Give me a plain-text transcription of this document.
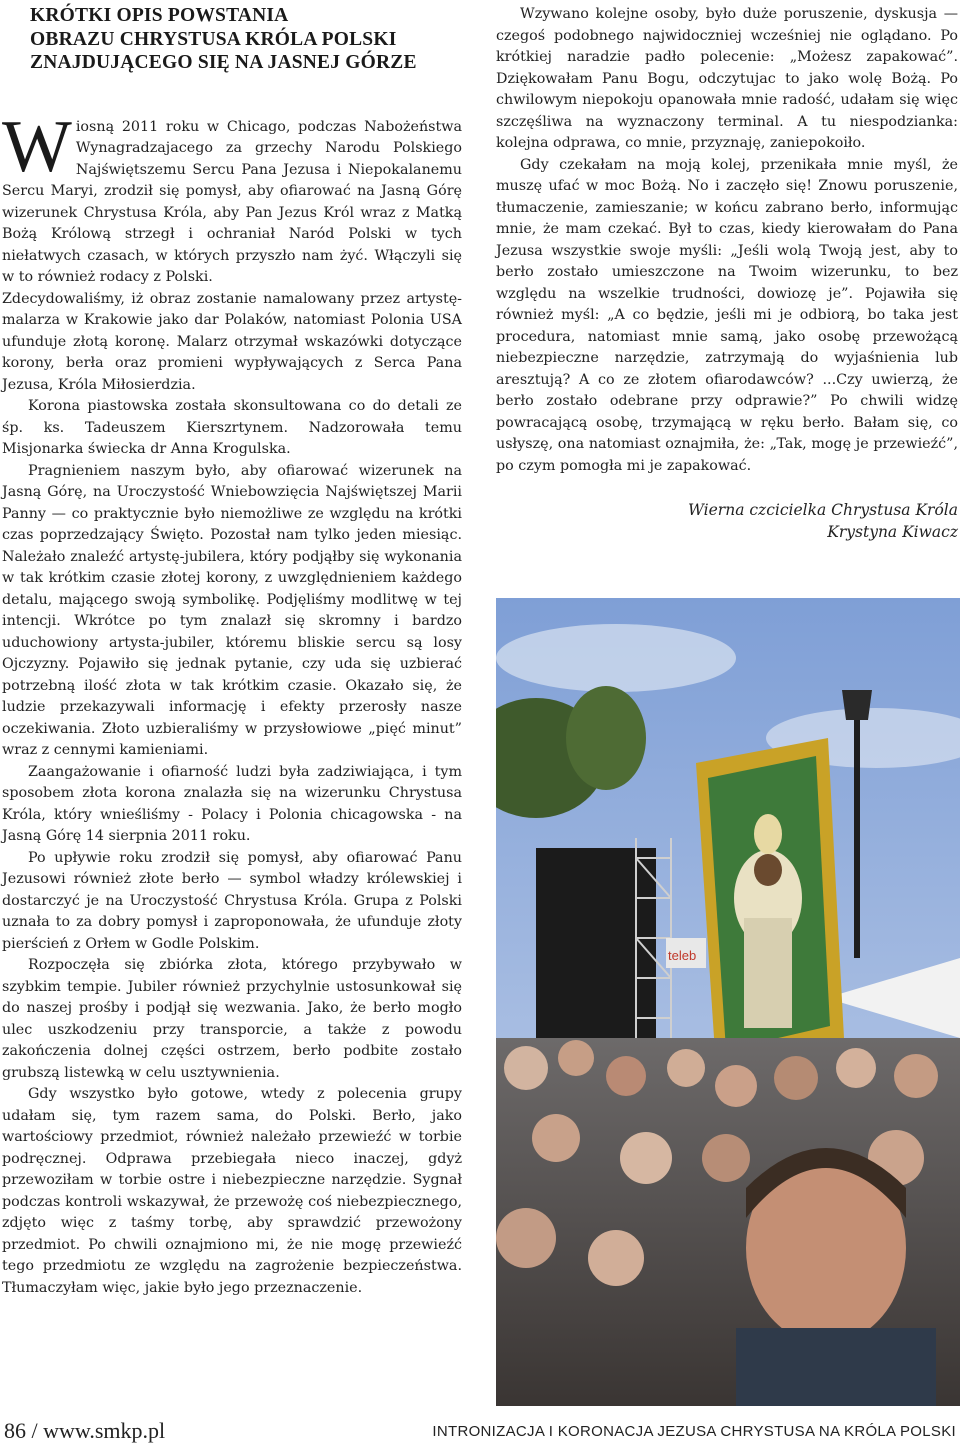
KRÓTKI OPIS POWSTANIA
OBRAZU CHRYSTUSA KRÓLA POLSKI
ZNAJDUJĄCEGO SIĘ NA JASNEJ GÓRZE

Wiosną 2011 roku w Chicago, podczas Nabożeństwa Wynagradzajacego za grzechy Narodu Polskiego Najświętszemu Sercu Pana Jezusa i Niepokalanemu Sercu Maryi, zrodził się pomysł, aby ofiarować na Jasną Górę wizerunek Chrystusa Króla, aby Pan Jezus Król wraz z Matką Bożą Królową strzegł i ochraniał Naród Polski w tych niełatwych czasach, w których przyszło nam żyć. Włączyli się w to również rodacy z Polski.

Zdecydowaliśmy, iż obraz zostanie namalowany przez artystę-malarza w Krakowie jako dar Polaków, natomiast Polonia USA ufunduje złotą koronę. Malarz otrzymał wskazówki dotyczące korony, berła oraz promieni wypływających z Serca Pana Jezusa, Króla Miłosierdzia.

Korona piastowska została skonsultowana co do detali ze śp. ks. Tadeuszem Kierszrtynem. Nadzorowała temu Misjonarka świecka dr Anna Krogulska.

Pragnieniem naszym było, aby ofiarować wizerunek na Jasną Górę, na Uroczystość Wniebowzięcia Najświętszej Marii Panny — co praktycznie było niemożliwe ze względu na krótki czas poprzedzający Święto. Pozostał nam tylko jeden miesiąc. Należało znaleźć artystę-jubilera, który podjąłby się wykonania w tak krótkim czasie złotej korony, z uwzględnieniem każdego detalu, mającego swoją symbolikę. Podjęliśmy modlitwę w tej intencji. Wkrótce po tym znalazł się skromny i bardzo uduchowiony artysta-jubiler, któremu bliskie sercu są losy Ojczyzny. Pojawiło się jednak pytanie, czy uda się uzbierać potrzebną ilość złota w tak krótkim czasie. Okazało się, że ludzie przekazywali informację i efekty przerosły nasze oczekiwania. Złoto uzbieraliśmy w przysłowiowe „pięć minut” wraz z cennymi kamieniami.

Zaangażowanie i ofiarność ludzi była zadziwiająca, i tym sposobem złota korona znalazła się na wizerunku Chrystusa Króla, który wnieśliśmy - Polacy i Polonia chicagowska - na Jasną Górę 14 sierpnia 2011 roku.

Po upływie roku zrodził się pomysł, aby ofiarować Panu Jezusowi również złote berło — symbol władzy królewskiej i dostarczyć je na Uroczystość Chrystusa Króla. Grupa z Polski uznała to za dobry pomysł i zaproponowała, że ufunduje złoty pierścień z Orłem w Godle Polskim.

Rozpoczęła się zbiórka złota, którego przybywało w szybkim tempie. Jubiler również przychylnie ustosunkował się do naszej prośby i podjął się wezwania. Jako, że berło mogło ulec uszkodzeniu przy transporcie, a także z powodu zakończenia dolnej części ostrzem, berło podbite zostało grubszą listewką w celu usztywnienia.

Gdy wszystko było gotowe, wtedy z polecenia grupy udałam się, tym razem sama, do Polski. Berło, jako wartościowy przedmiot, również należało przewieźć w torbie podręcznej. Odprawa przebiegała nieco inaczej, gdyż przewoziłam w torbie ostre i niebezpieczne narzędzie. Sygnał podczas kontroli wskazywał, że przewożę coś niebezpiecznego, zdjęto więc z taśmy torbę, aby sprawdzić przewożony przedmiot. Po chwili oznajmiono mi, że nie mogę przewieźć tego przedmiotu ze względu na zagrożenie bezpieczeństwa. Tłumaczyłam więc, jakie było jego przeznaczenie.

Wzywano kolejne osoby, było duże poruszenie, dyskusja — czegoś podobnego najwidoczniej wcześniej nie oglądano. Po krótkiej naradzie padło polecenie: „Możesz zapakować”. Dziękowałam Panu Bogu, odczytujac to jako wolę Bożą. Po chwilowym niepokoju opanowała mnie radość, udałam się więc szczęśliwa na wyznaczony terminal. A tu niespodzianka: kolejna odprawa, co mnie, przyznaję, zaniepokoiło.

Gdy czekałam na moją kolej, przenikała mnie myśl, że muszę ufać w moc Bożą. No i zaczęło się! Znowu poruszenie, tłumaczenie, zamieszanie; w końcu zabrano berło, informując mnie, że mam czekać. Był to czas, kiedy kierowałam do Pana Jezusa wszystkie swoje myśli: „Jeśli wolą Twoją jest, aby to berło zostało umieszczone na Twoim wizerunku, to bez względu na wszelkie trudności, dowiozę je”. Pojawiła się również myśl: „A co będzie, jeśli mi je odbiorą, bo taka jest procedura, natomiast mnie samą, jako osobę przewożącą niebezpieczne narzędzie, zatrzymają do wyjaśnienia lub aresztują? A co ze złotem ofiarodawców? ...Czy uwierzą, że berło zostało odebrane przy odprawie?” Po chwili widzę powracającą osobę, trzymającą w ręku berło. Bałam się, co usłyszę, ona natomiast oznajmiła, że: „Tak, mogę je przewieźć”, po czym pomogła mi je zapakować.

Wierna czcicielka Chrystusa Króla
Krystyna Kiwacz
teleb
86 / www.smkp.pl	INTRONIZACJA I KORONACJA JEZUSA CHRYSTUSA NA KRÓLA POLSKI
